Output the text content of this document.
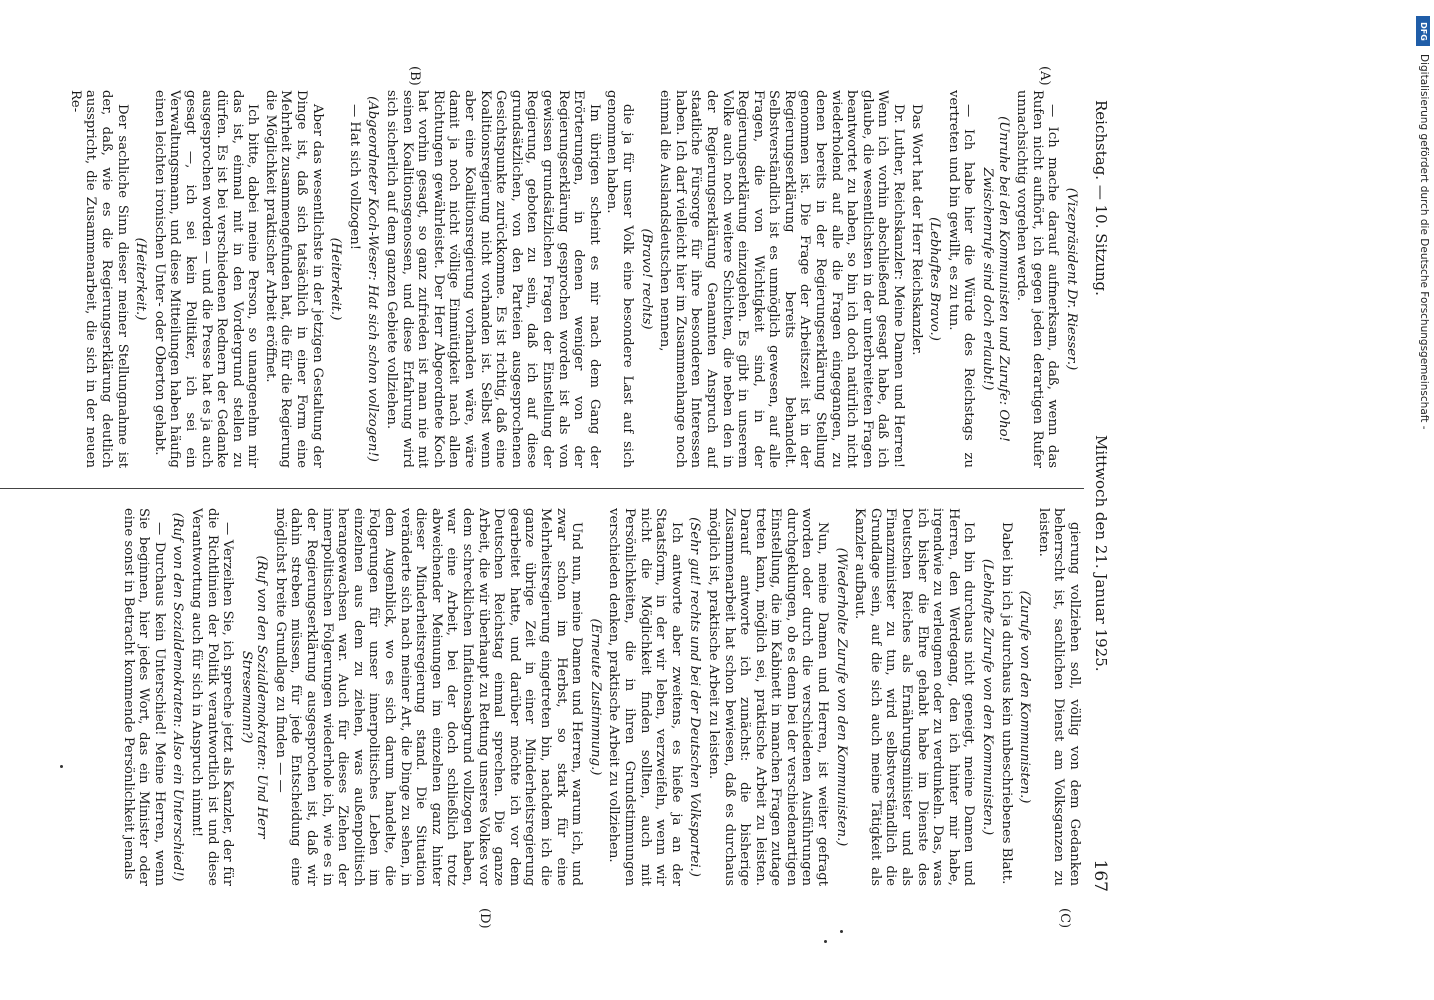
Reichstag. — 10. Sitzung.
Mittwoch den 21. Januar 1925.
167
(A)
(B)
(C)
(D)

(Vizepräsident Dr. Riesser.)

— Ich mache darauf aufmerksam, daß, wenn das Rufen nicht aufhört, ich gegen jeden derartigen Rufer unnachsichtig vorgehen werde.

(Unruhe bei den Kommunisten und Zurufe: Oho! Zwischenrufe sind doch erlaubt!)

— Ich habe hier die Würde des Reichstags zu vertreten und bin gewillt, es zu tun.

(Lebhaftes Bravo.)

Das Wort hat der Herr Reichskanzler.

Dr. Luther, Reichskanzler: Meine Damen und Herren! Wenn ich vorhin abschließend gesagt habe, daß ich glaube, die wesentlichsten in der unterbreiteten Fragen beantwortet zu haben, so bin ich doch natürlich nicht wiederholend auf alle die Fragen eingegangen, zu denen bereits in der Regierungserklärung Stellung genommen ist. Die Frage der Arbeitszeit ist in der Regierungserklärung bereits behandelt. Selbstverständlich ist es unmöglich gewesen, auf alle Fragen, die von Wichtigkeit sind, in der Regierungserklärung einzugehen. Es gibt in unserem Volke auch noch weitere Schichten, die neben den in der Regierungserklärung Genannten Anspruch auf staatliche Fürsorge für ihre besonderen Interessen haben. Ich darf vielleicht hier im Zusammenhange noch einmal die Auslandsdeutschen nennen,

(Bravo! rechts)

die ja für unser Volk eine besondere Last auf sich genommen haben.

Im übrigen scheint es mir nach dem Gang der Erörterungen, in denen weniger von der Regierungserklärung gesprochen worden ist als von gewissen grundsätzlichen Fragen der Einstellung der Regierung, geboten zu sein, daß ich auf diese grundsätzlichen, von den Parteien ausgesprochenen Gesichtspunkte zurückkomme. Es ist richtig, daß eine Koalitionsregierung nicht vorhanden ist. Selbst wenn aber eine Koalitionsregierung vorhanden wäre, wäre damit ja noch nicht völlige Einmütigkeit nach allen Richtungen gewährleistet. Der Herr Abgeordnete Koch hat vorhin gesagt, so ganz zufrieden ist man nie mit seinen Koalitionsgenossen, und diese Erfahrung wird sich sicherlich auf dem ganzen Gebiete vollziehen.

(Abgeordneter Koch-Weser: Hat sich schon vollzogen!)

— Hat sich vollzogen!

(Heiterkeit.)

Aber das wesentlichste in der jetzigen Gestaltung der Dinge ist, daß sich tatsächlich in einer Form eine Mehrheit zusammengefunden hat, die für die Regierung die Möglichkeit praktischer Arbeit eröffnet.

Ich bitte, dabei meine Person, so unangenehm mir das ist, einmal mit in den Vordergrund stellen zu dürfen. Es ist bei verschiedenen Rednern der Gedanke ausgesprochen worden — und die Presse hat es ja auch gesagt —, ich sei kein Politiker, ich sei ein Verwaltungsmann, und diese Mitteilungen haben häufig einen leichten ironischen Unter- oder Oberton gehabt.

(Heiterkeit.)

Der sachliche Sinn dieser meiner Stellungnahme ist der, daß, wie es die Regierungserklärung deutlich ausspricht, die Zusammenarbeit, die sich in der neuen Re-

gierung vollziehen soll, völlig von dem Gedanken beherrscht ist, sachlichen Dienst am Volksganzen zu leisten.

(Zurufe von den Kommunisten.)

Dabei bin ich ja durchaus kein unbeschriebenes Blatt.

(Lebhafte Zurufe von den Kommunisten.)

Ich bin durchaus nicht geneigt, meine Damen und Herren, den Werdegang, den ich hinter mir habe, irgendwie zu verleugnen oder zu verdunkeln. Das, was ich bisher die Ehre gehabt habe im Dienste des Deutschen Reiches als Ernährungsminister und als Finanzminister zu tun, wird selbstverständlich die Grundlage sein, auf die sich auch meine Tätigkeit als Kanzler aufbaut.

(Wiederholte Zurufe von den Kommunisten.)

Nun, meine Damen und Herren, ist weiter gefragt worden oder durch die verschiedenen Ausführungen durchgeklungen, ob es denn bei der verschiedenartigen Einstellung, die im Kabinett in manchen Fragen zutage treten kann, möglich sei, praktische Arbeit zu leisten. Darauf antworte ich zunächst: die bisherige Zusammenarbeit hat schon bewiesen, daß es durchaus möglich ist, praktische Arbeit zu leisten.

(Sehr gut! rechts und bei der Deutschen Volkspartei.)

Ich antworte aber zweitens, es hieße ja an der Staatsform, in der wir leben, verzweifeln, wenn wir nicht die Möglichkeit finden sollten, auch mit Persönlichkeiten, die in ihren Grundstimmungen verschieden denken, praktische Arbeit zu vollziehen.

(Erneute Zustimmung.)

Und nun, meine Damen und Herren, warum ich, und zwar schon im Herbst, so stark für eine Mehrheitsregierung eingetreten bin, nachdem ich die ganze übrige Zeit in einer Minderheitsregierung gearbeitet hatte, und darüber möchte ich vor dem Deutschen Reichstag einmal sprechen. Die ganze Arbeit, die wir überhaupt zu Rettung unseres Volkes vor dem schrecklichen Inflationsabgrund vollzogen haben, war eine Arbeit, bei der doch schließlich trotz abweichender Meinungen im einzelnen ganz hinter dieser Minderheitsregierung stand. Die Situation veränderte sich nach meiner Art, die Dinge zu sehen, in dem Augenblick, wo es sich darum handelte, die Folgerungen für unser innerpolitisches Leben im einzelnen aus dem zu ziehen, was außenpolitisch herangewachsen war. Auch für dieses Ziehen der innerpolitischen Folgerungen wiederhole ich, wie es in der Regierungserklärung ausgesprochen ist, daß wir dahin streben müssen, für jede Entscheidung eine möglichst breite Grundlage zu finden — —

(Ruf von den Sozialdemokraten: Und Herr Stresemann?)

— Verzeihen Sie, ich spreche jetzt als Kanzler, der für die Richtlinien der Politik verantwortlich ist und diese Verantwortung auch für sich in Anspruch nimmt!

(Ruf von den Sozialdemokraten: Also ein Unterschied!)

— Durchaus kein Unterschied! Meine Herren, wenn Sie beginnen, hier jedes Wort, das ein Minister oder eine sonst in Betracht kommende Persönlichkeit jemals

DFG
Digitalisierung gefördert durch die Deutsche Forschungsgemeinschaft -
